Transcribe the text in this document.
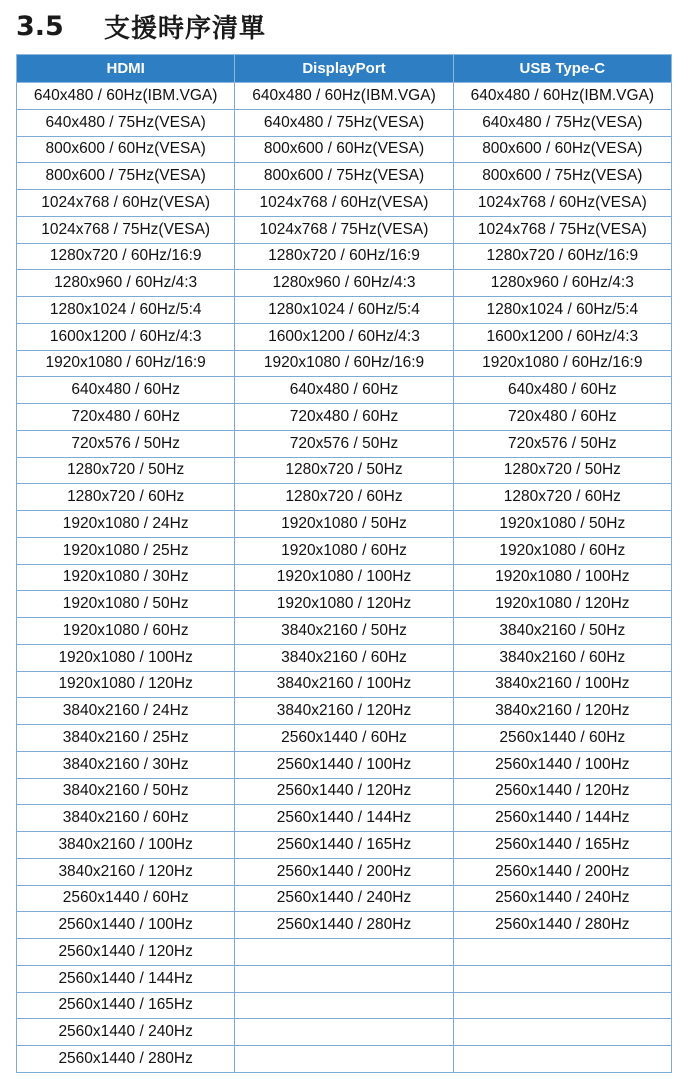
3.5	支援時序清單
HDMI	DisplayPort	USB Type-C
640x480 / 60Hz(IBM.VGA)	640x480 / 60Hz(IBM.VGA)	640x480 / 60Hz(IBM.VGA)
640x480 / 75Hz(VESA)	640x480 / 75Hz(VESA)	640x480 / 75Hz(VESA)
800x600 / 60Hz(VESA)	800x600 / 60Hz(VESA)	800x600 / 60Hz(VESA)
800x600 / 75Hz(VESA)	800x600 / 75Hz(VESA)	800x600 / 75Hz(VESA)
1024x768 / 60Hz(VESA)	1024x768 / 60Hz(VESA)	1024x768 / 60Hz(VESA)
1024x768 / 75Hz(VESA)	1024x768 / 75Hz(VESA)	1024x768 / 75Hz(VESA)
1280x720 / 60Hz/16:9	1280x720 / 60Hz/16:9	1280x720 / 60Hz/16:9
1280x960 / 60Hz/4:3	1280x960 / 60Hz/4:3	1280x960 / 60Hz/4:3
1280x1024 / 60Hz/5:4	1280x1024 / 60Hz/5:4	1280x1024 / 60Hz/5:4
1600x1200 / 60Hz/4:3	1600x1200 / 60Hz/4:3	1600x1200 / 60Hz/4:3
1920x1080 / 60Hz/16:9	1920x1080 / 60Hz/16:9	1920x1080 / 60Hz/16:9
640x480 / 60Hz	640x480 / 60Hz	640x480 / 60Hz
720x480 / 60Hz	720x480 / 60Hz	720x480 / 60Hz
720x576 / 50Hz	720x576 / 50Hz	720x576 / 50Hz
1280x720 / 50Hz	1280x720 / 50Hz	1280x720 / 50Hz
1280x720 / 60Hz	1280x720 / 60Hz	1280x720 / 60Hz
1920x1080 / 24Hz	1920x1080 / 50Hz	1920x1080 / 50Hz
1920x1080 / 25Hz	1920x1080 / 60Hz	1920x1080 / 60Hz
1920x1080 / 30Hz	1920x1080 / 100Hz	1920x1080 / 100Hz
1920x1080 / 50Hz	1920x1080 / 120Hz	1920x1080 / 120Hz
1920x1080 / 60Hz	3840x2160 / 50Hz	3840x2160 / 50Hz
1920x1080 / 100Hz	3840x2160 / 60Hz	3840x2160 / 60Hz
1920x1080 / 120Hz	3840x2160 / 100Hz	3840x2160 / 100Hz
3840x2160 / 24Hz	3840x2160 / 120Hz	3840x2160 / 120Hz
3840x2160 / 25Hz	2560x1440 / 60Hz	2560x1440 / 60Hz
3840x2160 / 30Hz	2560x1440 / 100Hz	2560x1440 / 100Hz
3840x2160 / 50Hz	2560x1440 / 120Hz	2560x1440 / 120Hz
3840x2160 / 60Hz	2560x1440 / 144Hz	2560x1440 / 144Hz
3840x2160 / 100Hz	2560x1440 / 165Hz	2560x1440 / 165Hz
3840x2160 / 120Hz	2560x1440 / 200Hz	2560x1440 / 200Hz
2560x1440 / 60Hz	2560x1440 / 240Hz	2560x1440 / 240Hz
2560x1440 / 100Hz	2560x1440 / 280Hz	2560x1440 / 280Hz
2560x1440 / 120Hz		
2560x1440 / 144Hz		
2560x1440 / 165Hz		
2560x1440 / 240Hz		
2560x1440 / 280Hz		
